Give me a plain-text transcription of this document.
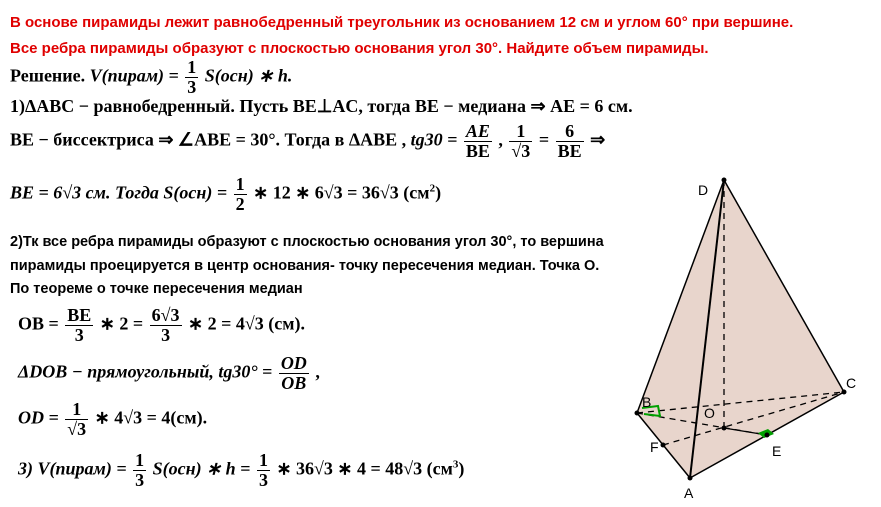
В основе пирамиды лежит равнобедренный треугольник из основанием 12 см и углом 60° при вершине.
Все ребра пирамиды образуют с плоскостью основания угол 30°. Найдите объем пирамиды.
Решение. V(пирам) = $\frac{1}{3} S(осн)$ ∗ h.
1)ΔABC − равнобедренный. Пусть BE⊥AC, тогда BE − медиана ⇒ AE = 6 см.
BE − биссектриса ⇒ ∠ABE = 30°. Тогда в ΔABE , $tg30 = \frac{AE}{BE}$ , $\frac{1}{√3} = \frac{6}{BE}$ ⇒
BE = 6√3 см. Тогда $S(осн) = \frac{1}{2}$ ∗ 12 ∗ 6√3 = 36√3 $(см^2)$
2)Тк все ребра пирамиды образуют с плоскостью основания угол 30°, то вершина
пирамиды проецируется в центр основания- точку пересечения медиан. Точка О.
По теореме о точке пересечения медиан
OB = $\frac{BE}{3}$ ∗ $2 = \frac{6√3}{3}$ ∗ 2 = 4√3 (см).
ΔDOB − прямоугольный, $tg30^\circ = \frac{OD}{OB}$ ,
OD = $\frac{1}{√3}$ ∗ 4√3 = 4(см).
3) V(пирам) = $\frac{1}{3} S(осн)$ ∗ $h = \frac{1}{3}$ ∗ 36√3 ∗ 4 = 48√3 $(см^3)$
D
B
C
O
F	E
A
